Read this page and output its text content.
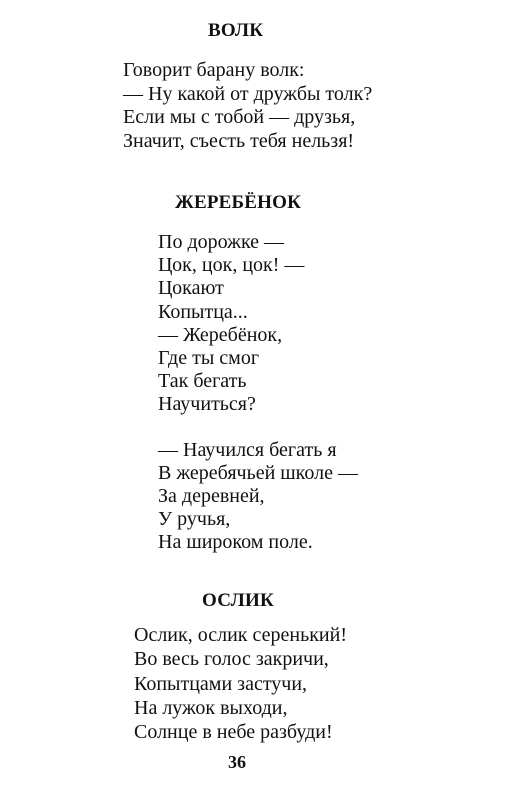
ВОЛК
Говорит барану волк:
— Ну какой от дружбы толк?
Если мы с тобой — друзья,
Значит, съесть тебя нельзя!
ЖЕРЕБЁНОК
По дорожке —
Цок, цок, цок! —
Цокают
Копытца...
— Жеребёнок,
Где ты смог
Так бегать
Научиться?
— Научился бегать я
В жеребячьей школе —
За деревней,
У ручья,
На широком поле.
ОСЛИК
Ослик, ослик серенький!
Во весь голос закричи,
Копытцами застучи,
На лужок выходи,
Солнце в небе разбуди!
36
